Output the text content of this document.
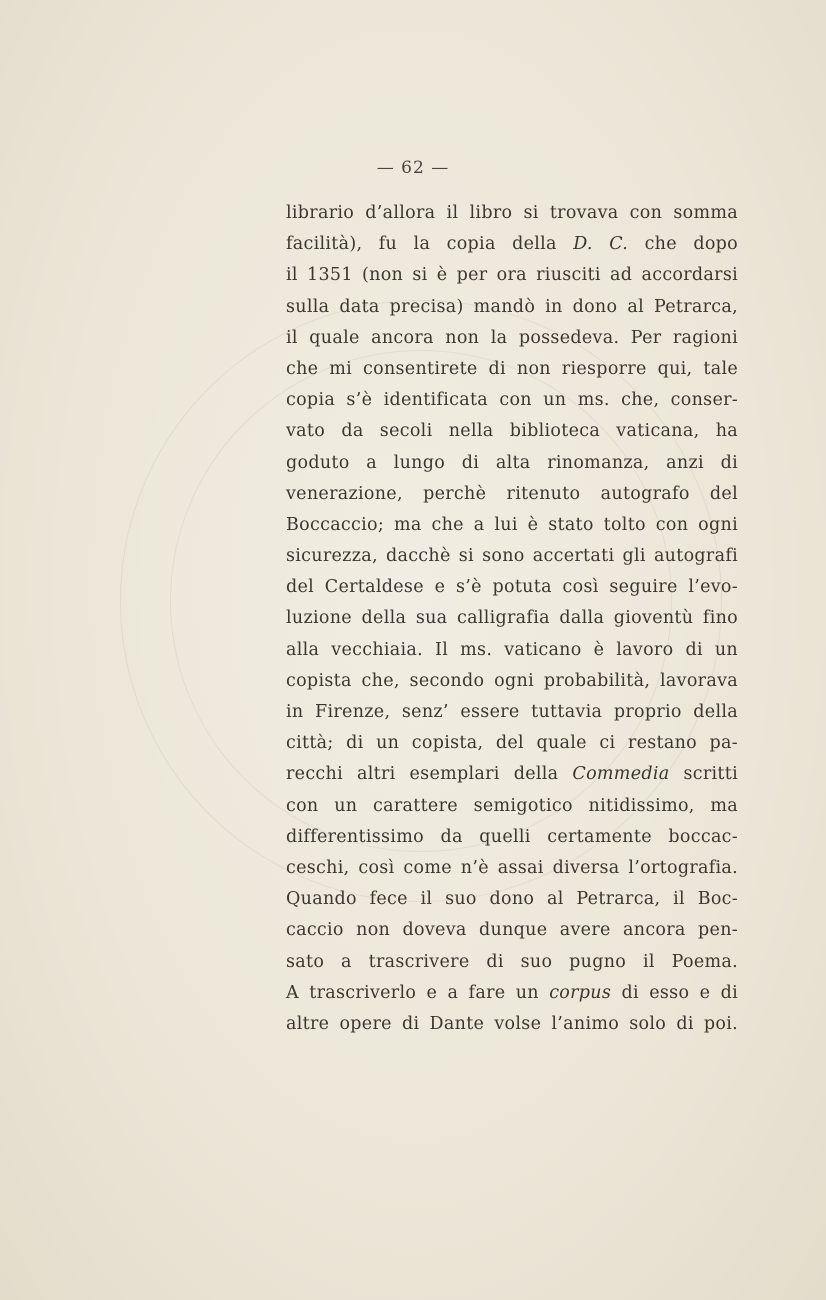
— 62 —
librario d’allora il libro si trovava con somma
facilità), fu la copia della D. C. che dopo
il 1351 (non si è per ora riusciti ad accordarsi
sulla data precisa) mandò in dono al Petrarca,
il quale ancora non la possedeva. Per ragioni
che mi consentirete di non riesporre qui, tale
copia s’è identificata con un ms. che, conser-
vato da secoli nella biblioteca vaticana, ha
goduto a lungo di alta rinomanza, anzi di
venerazione, perchè ritenuto autografo del
Boccaccio; ma che a lui è stato tolto con ogni
sicurezza, dacchè si sono accertati gli autografi
del Certaldese e s’è potuta così seguire l’evo-
luzione della sua calligrafia dalla gioventù fino
alla vecchiaia. Il ms. vaticano è lavoro di un
copista che, secondo ogni probabilità, lavorava
in Firenze, senz’ essere tuttavia proprio della
città; di un copista, del quale ci restano pa-
recchi altri esemplari della Commedia scritti
con un carattere semigotico nitidissimo, ma
differentissimo da quelli certamente boccac-
ceschi, così come n’è assai diversa l’ortografia.
Quando fece il suo dono al Petrarca, il Boc-
caccio non doveva dunque avere ancora pen-
sato a trascrivere di suo pugno il Poema.
A trascriverlo e a fare un corpus di esso e di
altre opere di Dante volse l’animo solo di poi.
